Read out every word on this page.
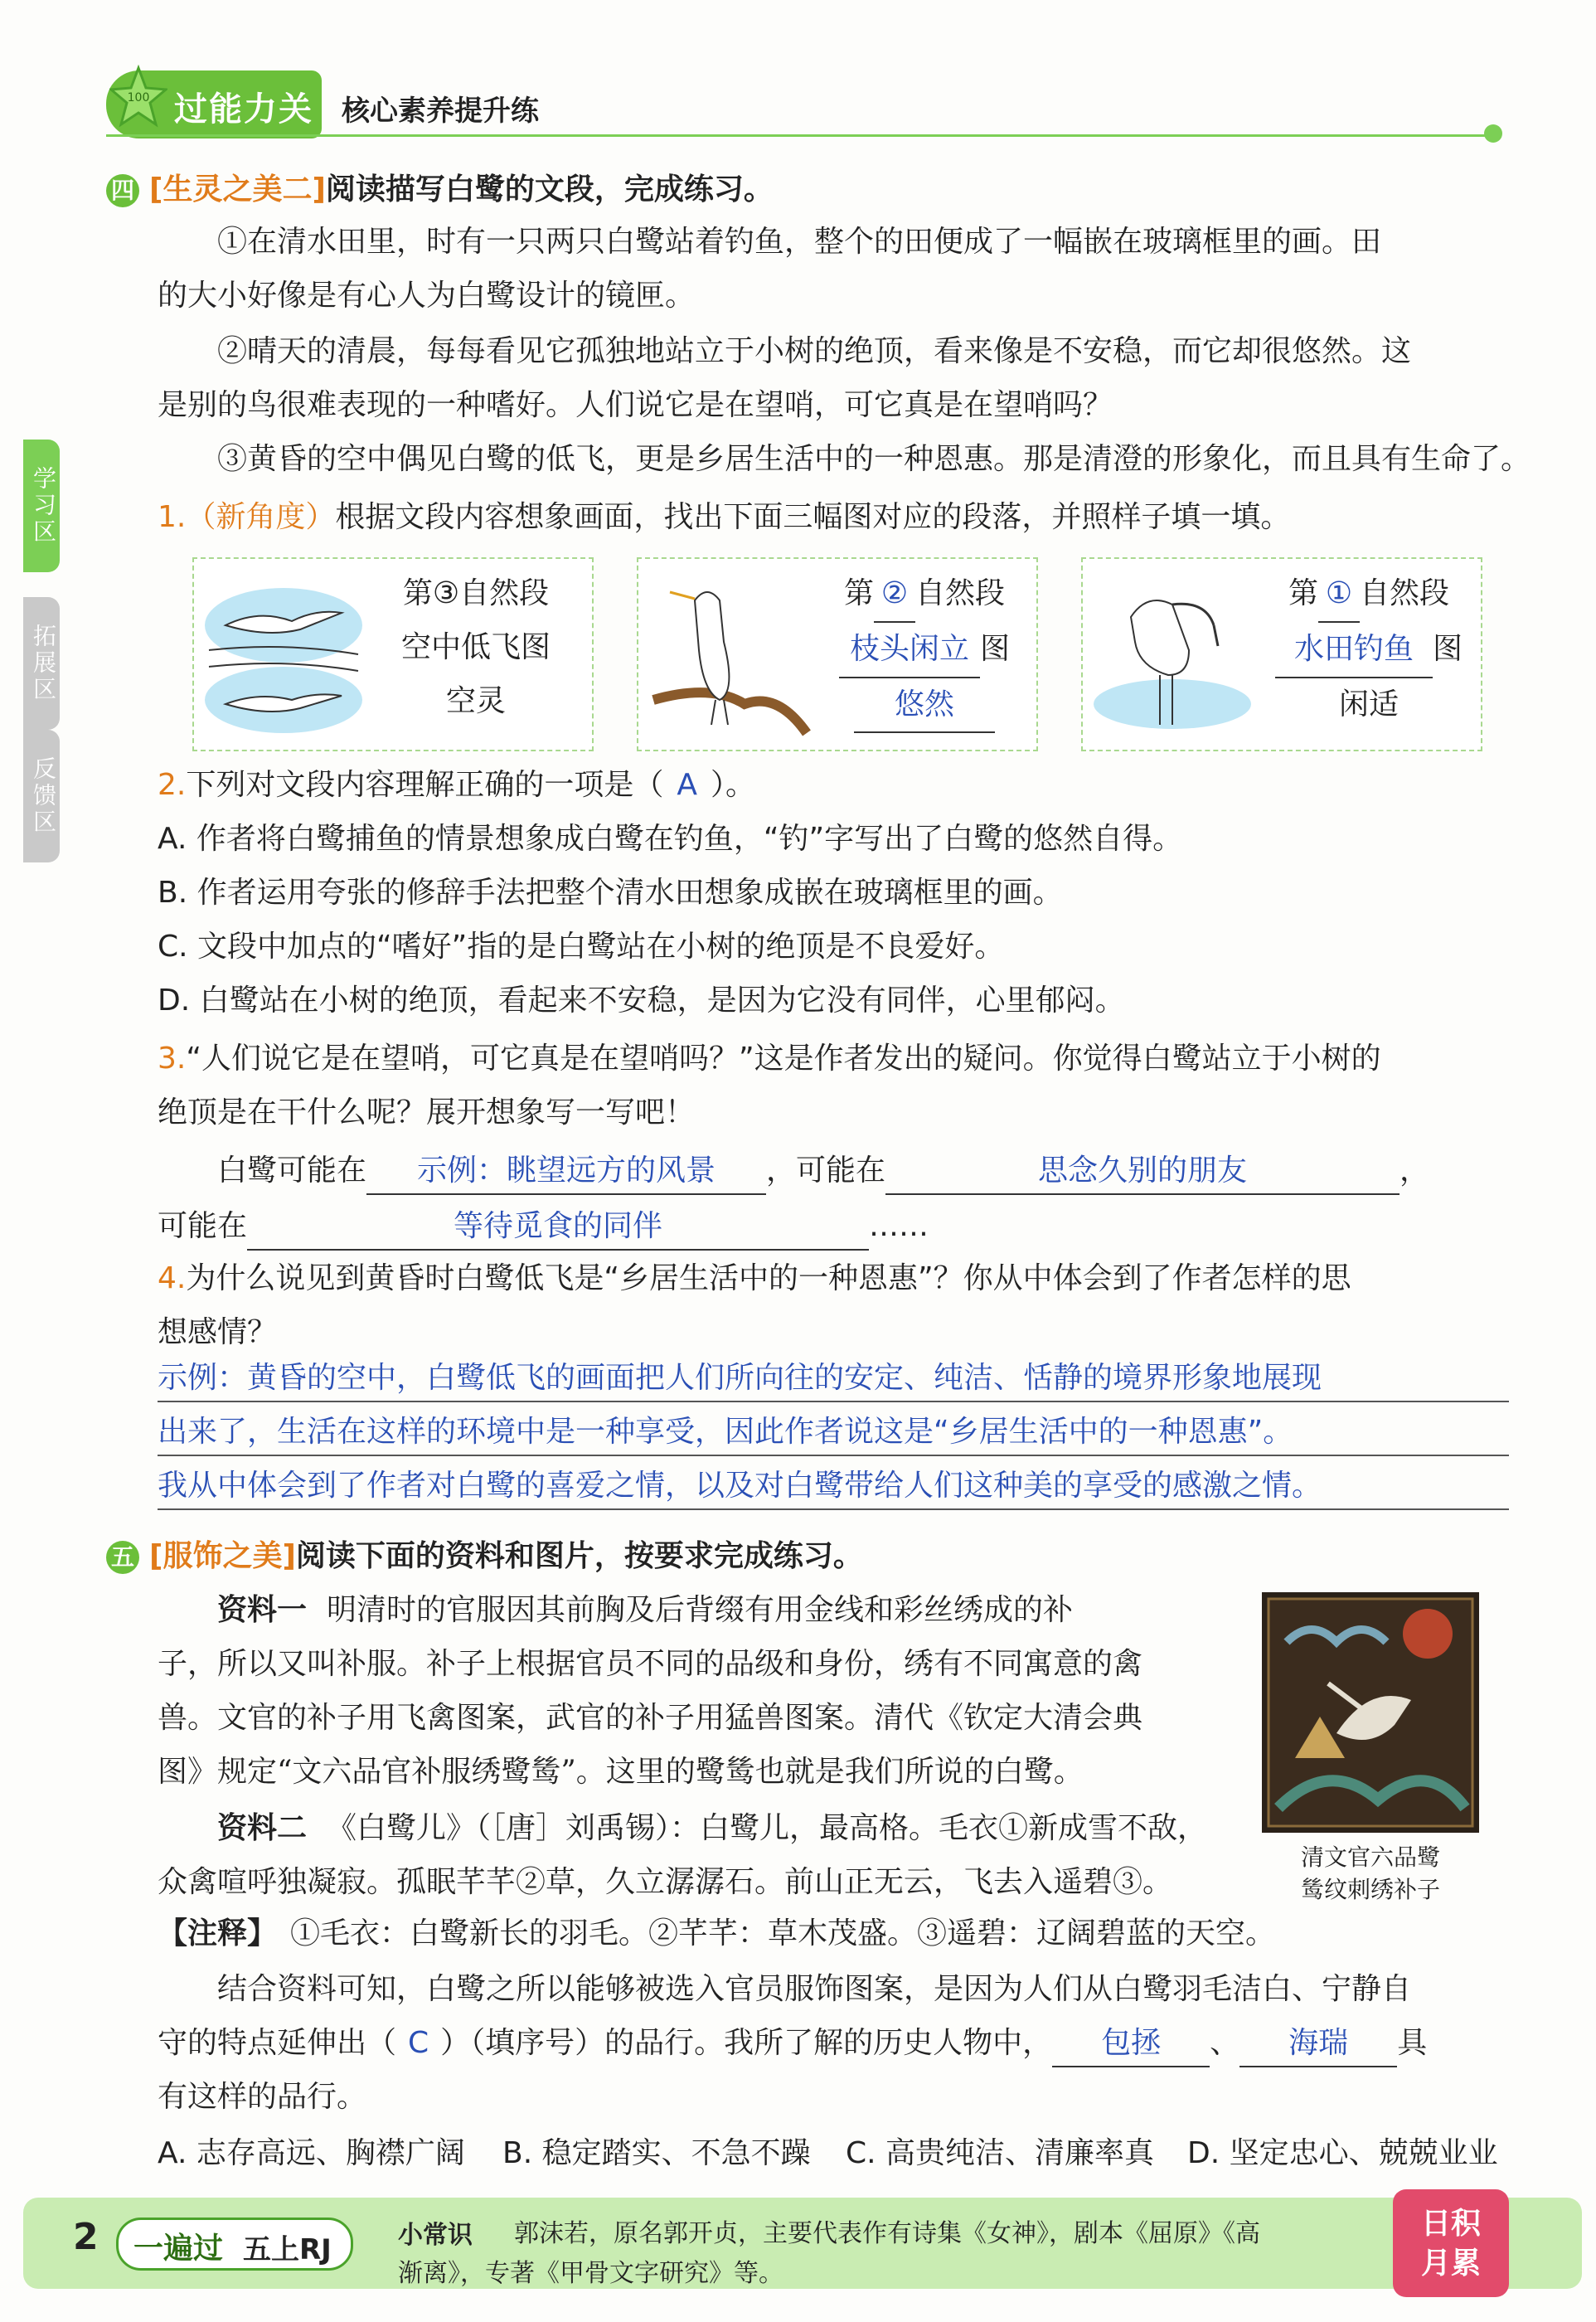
100 过能力关 核心素养提升练
学习区
拓展区
反馈区
四 [生灵之美二]阅读描写白鹭的文段，完成练习。
①在清水田里，时有一只两只白鹭站着钓鱼，整个的田便成了一幅嵌在玻璃框里的画。田
的大小好像是有心人为白鹭设计的镜匣。
②晴天的清晨，每每看见它孤独地站立于小树的绝顶，看来像是不安稳，而它却很悠然。这
是别的鸟很难表现的一种嗜好。人们说它是在望哨，可它真是在望哨吗？
③黄昏的空中偶见白鹭的低飞，更是乡居生活中的一种恩惠。那是清澄的形象化，而且具有生命了。
1.（新角度）根据文段内容想象画面，找出下面三幅图对应的段落，并照样子填一填。
第③自然段
空中低飞图
空灵
第 ② 自然段
枝头闲立 图
悠然
第 ① 自然段
水田钓鱼 图
闲适
2.下列对文段内容理解正确的一项是（ A ）。
A. 作者将白鹭捕鱼的情景想象成白鹭在钓鱼，“钓”字写出了白鹭的悠然自得。
B. 作者运用夸张的修辞手法把整个清水田想象成嵌在玻璃框里的画。
C. 文段中加点的“嗜好”指的是白鹭站在小树的绝顶是不良爱好。
D. 白鹭站在小树的绝顶，看起来不安稳，是因为它没有同伴，心里郁闷。
3.“人们说它是在望哨，可它真是在望哨吗？”这是作者发出的疑问。你觉得白鹭站立于小树的
绝顶是在干什么呢？展开想象写一写吧！
白鹭可能在 示例：眺望远方的风景 ，可能在	思念久别的朋友	，
可能在	等待觅食的同伴	……
4.为什么说见到黄昏时白鹭低飞是“乡居生活中的一种恩惠”？你从中体会到了作者怎样的思
想感情？
示例：黄昏的空中，白鹭低飞的画面把人们所向往的安定、纯洁、恬静的境界形象地展现
出来了，生活在这样的环境中是一种享受，因此作者说这是“乡居生活中的一种恩惠”。
我从中体会到了作者对白鹭的喜爱之情，以及对白鹭带给人们这种美的享受的感激之情。
五 [服饰之美]阅读下面的资料和图片，按要求完成练习。
资料一 明清时的官服因其前胸及后背缀有用金线和彩丝绣成的补
子，所以又叫补服。补子上根据官员不同的品级和身份，绣有不同寓意的禽
兽。文官的补子用飞禽图案，武官的补子用猛兽图案。清代《钦定大清会典
图》规定“文六品官补服绣鹭鸶”。这里的鹭鸶也就是我们所说的白鹭。
资料二 《白鹭儿》（［唐］刘禹锡）：白鹭儿，最高格。毛衣①新成雪不敌，
众禽喧呼独凝寂。孤眠芊芊②草，久立潺潺石。前山正无云，飞去入遥碧③。
清文官六品鹭
鸶纹刺绣补子
【注释】 ①毛衣：白鹭新长的羽毛。②芊芊：草木茂盛。③遥碧：辽阔碧蓝的天空。
结合资料可知，白鹭之所以能够被选入官员服饰图案，是因为人们从白鹭羽毛洁白、宁静自
守的特点延伸出（ C ）（填序号）的品行。我所了解的历史人物中， 包拯 、 海瑞 具
有这样的品行。
A. 志存高远、胸襟广阔 B. 稳定踏实、不急不躁 C. 高贵纯洁、清廉率真 D. 坚定忠心、兢兢业业
2 一遍过 五上RJ	小常识 郭沫若，原名郭开贞，主要代表作有诗集《女神》，剧本《屈原》《高
渐离》，专著《甲骨文字研究》等。
日积
月累
